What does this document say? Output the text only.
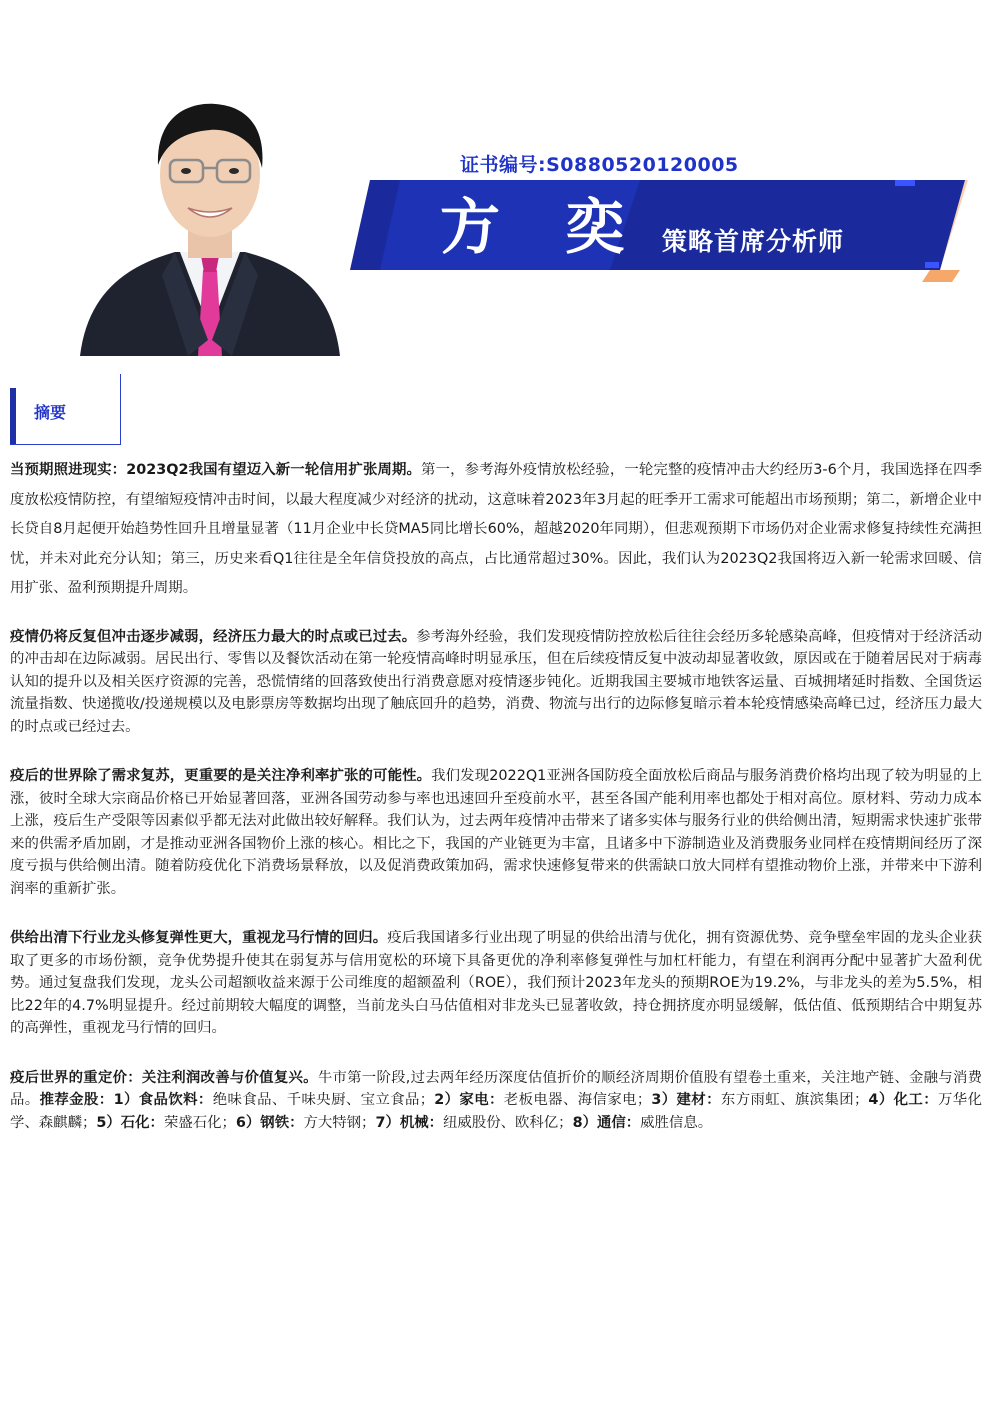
证书编号:S0880520120005
方 奕 策略首席分析师
摘要

当预期照进现实：2023Q2我国有望迈入新一轮信用扩张周期。第一，参考海外疫情放松经验，一轮完整的疫情冲击大约经历3-6个月，我国选择在四季度放松疫情防控，有望缩短疫情冲击时间，以最大程度减少对经济的扰动，这意味着2023年3月起的旺季开工需求可能超出市场预期；第二，新增企业中长贷自8月起便开始趋势性回升且增量显著（11月企业中长贷MA5同比增长60%，超越2020年同期），但悲观预期下市场仍对企业需求修复持续性充满担忧，并未对此充分认知；第三，历史来看Q1往往是全年信贷投放的高点，占比通常超过30%。因此，我们认为2023Q2我国将迈入新一轮需求回暖、信用扩张、盈利预期提升周期。

疫情仍将反复但冲击逐步减弱，经济压力最大的时点或已过去。参考海外经验，我们发现疫情防控放松后往往会经历多轮感染高峰，但疫情对于经济活动的冲击却在边际减弱。居民出行、零售以及餐饮活动在第一轮疫情高峰时明显承压，但在后续疫情反复中波动却显著收敛，原因或在于随着居民对于病毒认知的提升以及相关医疗资源的完善，恐慌情绪的回落致使出行消费意愿对疫情逐步钝化。近期我国主要城市地铁客运量、百城拥堵延时指数、全国货运流量指数、快递揽收/投递规模以及电影票房等数据均出现了触底回升的趋势，消费、物流与出行的边际修复暗示着本轮疫情感染高峰已过，经济压力最大的时点或已经过去。

疫后的世界除了需求复苏，更重要的是关注净利率扩张的可能性。我们发现2022Q1亚洲各国防疫全面放松后商品与服务消费价格均出现了较为明显的上涨，彼时全球大宗商品价格已开始显著回落，亚洲各国劳动参与率也迅速回升至疫前水平，甚至各国产能利用率也都处于相对高位。原材料、劳动力成本上涨，疫后生产受限等因素似乎都无法对此做出较好解释。我们认为，过去两年疫情冲击带来了诸多实体与服务行业的供给侧出清，短期需求快速扩张带来的供需矛盾加剧，才是推动亚洲各国物价上涨的核心。相比之下，我国的产业链更为丰富，且诸多中下游制造业及消费服务业同样在疫情期间经历了深度亏损与供给侧出清。随着防疫优化下消费场景释放，以及促消费政策加码，需求快速修复带来的供需缺口放大同样有望推动物价上涨，并带来中下游利润率的重新扩张。

供给出清下行业龙头修复弹性更大，重视龙马行情的回归。疫后我国诸多行业出现了明显的供给出清与优化，拥有资源优势、竞争壁垒牢固的龙头企业获取了更多的市场份额，竞争优势提升使其在弱复苏与信用宽松的环境下具备更优的净利率修复弹性与加杠杆能力，有望在利润再分配中显著扩大盈利优势。通过复盘我们发现，龙头公司超额收益来源于公司维度的超额盈利（ROE），我们预计2023年龙头的预期ROE为19.2%，与非龙头的差为5.5%，相比22年的4.7%明显提升。经过前期较大幅度的调整，当前龙头白马估值相对非龙头已显著收敛，持仓拥挤度亦明显缓解，低估值、低预期结合中期复苏的高弹性，重视龙马行情的回归。

疫后世界的重定价：关注利润改善与价值复兴。牛市第一阶段,过去两年经历深度估值折价的顺经济周期价值股有望卷土重来，关注地产链、金融与消费品。推荐金股：1）食品饮料：绝味食品、千味央厨、宝立食品；2）家电：老板电器、海信家电；3）建材：东方雨虹、旗滨集团；4）化工：万华化学、森麒麟；5）石化：荣盛石化；6）钢铁：方大特钢；7）机械：纽威股份、欧科亿；8）通信：威胜信息。
